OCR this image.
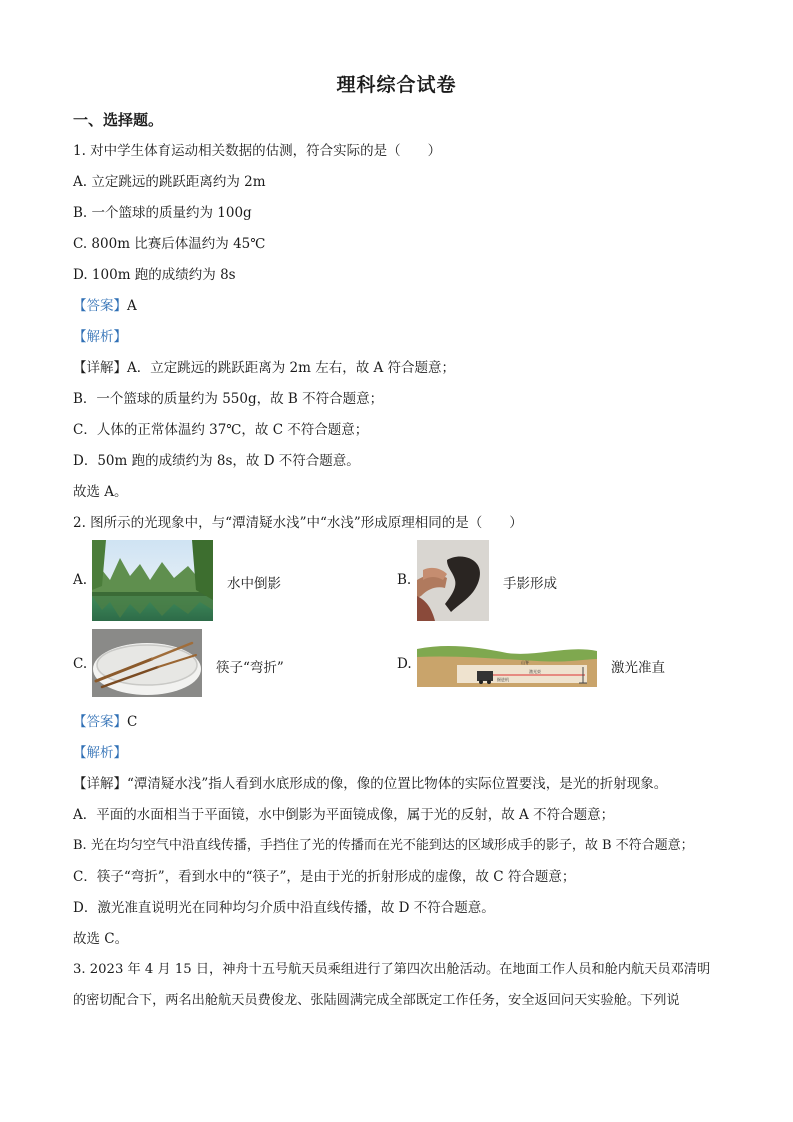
理科综合试卷
一、选择题。
1. 对中学生体育运动相关数据的估测，符合实际的是（　　）
A. 立定跳远的跳跃距离约为 2m
B. 一个篮球的质量约为 100g
C. 800m 比赛后体温约为 45℃
D. 100m 跑的成绩约为 8s
【答案】A
【解析】
【详解】A．立定跳远的跳跃距离为 2m 左右，故 A 符合题意；
B．一个篮球的质量约为 550g，故 B 不符合题意；
C．人体的正常体温约 37℃，故 C 不符合题意；
D．50m 跑的成绩约为 8s，故 D 不符合题意。
故选 A。
2. 图所示的光现象中，与“潭清疑水浅”中“水浅”形成原理相同的是（　　）
A.	水中倒影	B.	手影形成
C.	筷子“弯折”	D.	山脊
激光束
掘进机
激光准直
【答案】C
【解析】
【详解】“潭清疑水浅”指人看到水底形成的像，像的位置比物体的实际位置要浅，是光的折射现象。
A．平面的水面相当于平面镜，水中倒影为平面镜成像，属于光的反射，故 A 不符合题意；
B. 光在均匀空气中沿直线传播，手挡住了光的传播而在光不能到达的区域形成手的影子，故 B 不符合题意；
C．筷子“弯折”，看到水中的“筷子”，是由于光的折射形成的虚像，故 C 符合题意；
D．激光准直说明光在同种均匀介质中沿直线传播，故 D 不符合题意。
故选 C。
3. 2023 年 4 月 15 日，神舟十五号航天员乘组进行了第四次出舱活动。在地面工作人员和舱内航天员邓清明
的密切配合下，两名出舱航天员费俊龙、张陆圆满完成全部既定工作任务，安全返回问天实验舱。下列说
